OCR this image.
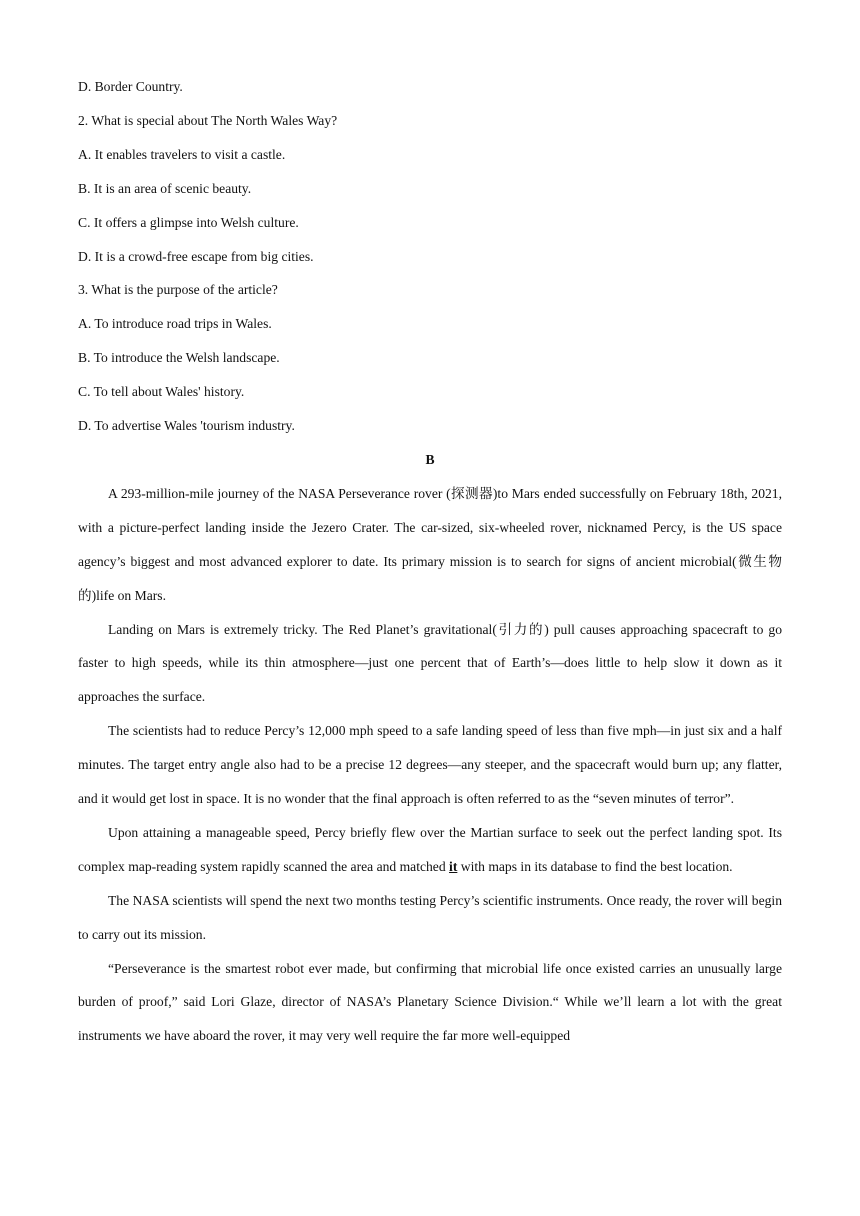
D. Border Country.

2. What is special about The North Wales Way?

A. It enables travelers to visit a castle.

B. It is an area of scenic beauty.

C. It offers a glimpse into Welsh culture.

D. It is a crowd-free escape from big cities.

3. What is the purpose of the article?

A. To introduce road trips in Wales.

B. To introduce the Welsh landscape.

C. To tell about Wales' history.

D. To advertise Wales 'tourism industry.

B

A 293-million-mile journey of the NASA Perseverance rover (探测器)to Mars ended successfully on February 18th, 2021, with a picture-perfect landing inside the Jezero Crater. The car-sized, six-wheeled rover, nicknamed Percy, is the US space agency’s biggest and most advanced explorer to date. Its primary mission is to search for signs of ancient microbial(微生物的)life on Mars.

Landing on Mars is extremely tricky. The Red Planet’s gravitational(引力的) pull causes approaching spacecraft to go faster to high speeds, while its thin atmosphere—just one percent that of Earth’s—does little to help slow it down as it approaches the surface.

The scientists had to reduce Percy’s 12,000 mph speed to a safe landing speed of less than five mph—in just six and a half minutes. The target entry angle also had to be a precise 12 degrees—any steeper, and the spacecraft would burn up; any flatter, and it would get lost in space. It is no wonder that the final approach is often referred to as the “seven minutes of terror”.

Upon attaining a manageable speed, Percy briefly flew over the Martian surface to seek out the perfect landing spot. Its complex map-reading system rapidly scanned the area and matched it with maps in its database to find the best location.

The NASA scientists will spend the next two months testing Percy’s scientific instruments. Once ready, the rover will begin to carry out its mission.

“Perseverance is the smartest robot ever made, but confirming that microbial life once existed carries an unusually large burden of proof,” said Lori Glaze, director of NASA’s Planetary Science Division.“ While we’ll learn a lot with the great instruments we have aboard the rover, it may very well require the far more well-equipped
